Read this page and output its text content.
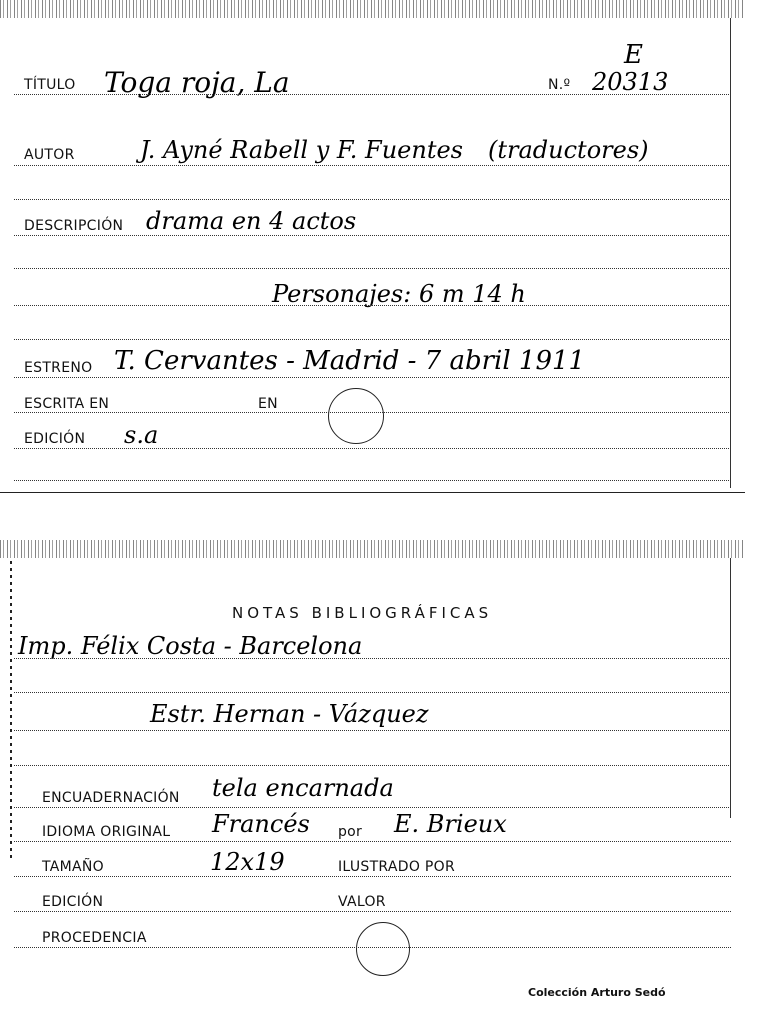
E
TÍTULO Toga roja, La	N.º 20313
AUTOR	J. Ayné Rabell y F. Fuentes (traductores)
DESCRIPCIÓN drama en 4 actos
Personajes: 6 m 14 h
ESTRENO T. Cervantes - Madrid - 7 abril 1911
ESCRITA EN	EN
EDICIÓN s.a
NOTAS BIBLIOGRÁFICAS
Imp. Félix Costa - Barcelona
Estr. Hernan - Vázquez
ENCUADERNACIÓN tela encarnada
IDIOMA ORIGINAL Francés por E. Brieux
TAMAÑO	12x19	ILUSTRADO POR
EDICIÓN	VALOR
PROCEDENCIA
Colección Arturo Sedó
